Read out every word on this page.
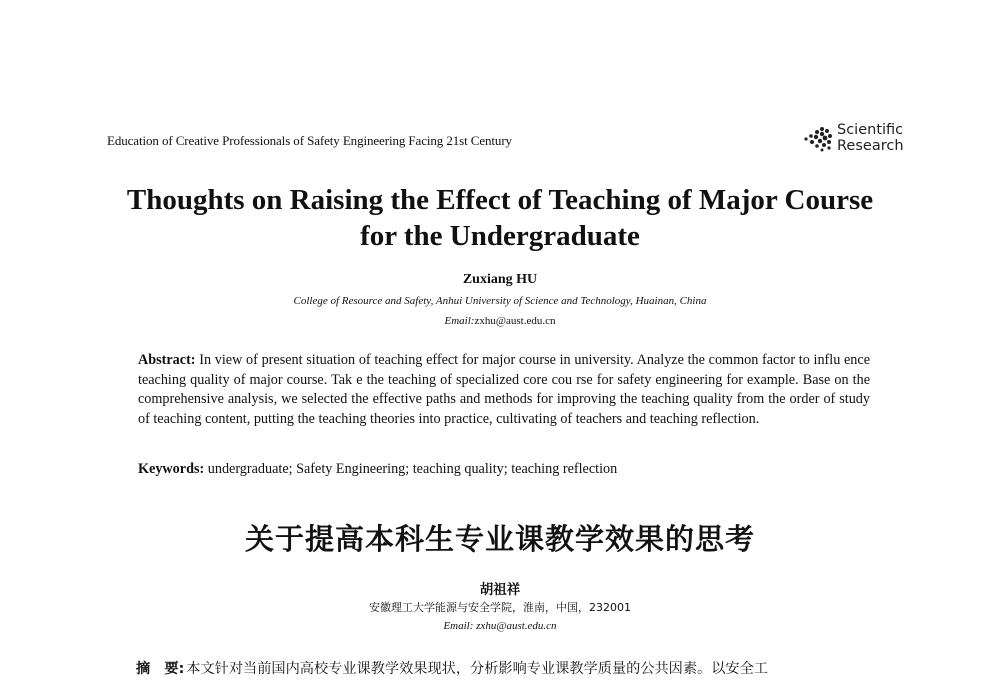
Education of Creative Professionals of Safety Engineering Facing 21st Century
Scientific
Research
Thoughts on Raising the Effect of Teaching of Major Course
for the Undergraduate
Zuxiang HU
College of Resource and Safety, Anhui University of Science and Technology, Huainan, China
Email:zxhu@aust.edu.cn
Abstract: In view of present situation of teaching effect for major course in university. Analyze the common factor to influ ence teaching quality of major course. Tak e the teaching of specialized core cou rse for safety engineering for example. Base on the comprehensive analysis, we selected the effective paths and methods for improving the teaching quality from the order of study of teaching content, putting the teaching theories into practice, cultivating of teachers and teaching reflection.
Keywords: undergraduate; Safety Engineering; teaching quality; teaching reflection
关于提高本科生专业课教学效果的思考
胡祖祥
安徽理工大学能源与安全学院，淮南，中国，232001
Email: zxhu@aust.edu.cn
摘　要: 本文针对当前国内高校专业课教学效果现状，分析影响专业课教学质量的公共因素。以安全工
